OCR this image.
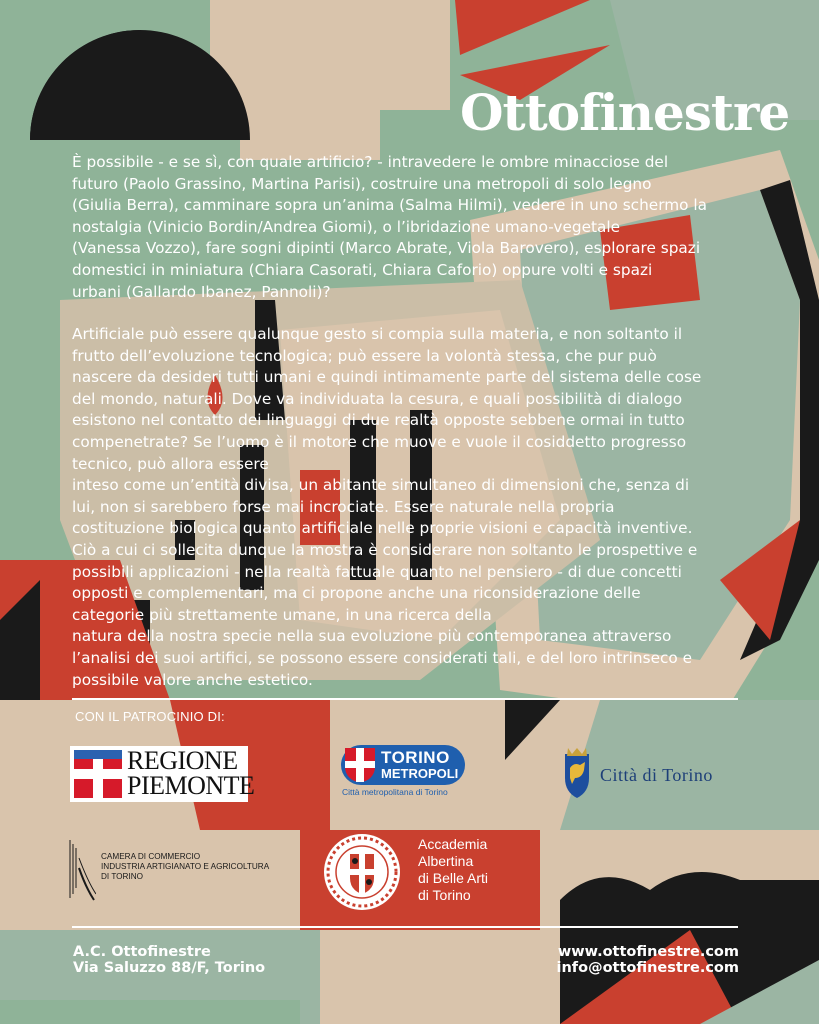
Ottofinestre
È possibile - e se sì, con quale artificio? - intravedere le ombre minacciose del
futuro (Paolo Grassino, Martina Parisi), costruire una metropoli di solo legno
(Giulia Berra), camminare sopra un’anima (Salma Hilmi), vedere in uno schermo la
nostalgia (Vinicio Bordin/Andrea Giomi), o l’ibridazione umano-vegetale
(Vanessa Vozzo), fare sogni dipinti (Marco Abrate, Viola Barovero), esplorare spazi
domestici in miniatura (Chiara Casorati, Chiara Caforio) oppure volti e spazi
urbani (Gallardo Ibanez, Pannoli)?
Artificiale può essere qualunque gesto si compia sulla materia, e non soltanto il
frutto dell’evoluzione tecnologica; può essere la volontà stessa, che pur può
nascere da desideri tutti umani e quindi intimamente parte del sistema delle cose
del mondo, naturali. Dove va individuata la cesura, e quali possibilità di dialogo
esistono nel contatto dei linguaggi di due realtà opposte sebbene ormai in tutto
compenetrate? Se l’uomo è il motore che muove e vuole il cosiddetto progresso
tecnico, può allora essere
inteso come un’entità divisa, un abitante simultaneo di dimensioni che, senza di
lui, non si sarebbero forse mai incrociate. Essere naturale nella propria
costituzione biologica quanto artificiale nelle proprie visioni e capacità inventive.
Ciò a cui ci sollecita dunque la mostra è considerare non soltanto le prospettive e
possibili applicazioni - nella realtà fattuale quanto nel pensiero - di due concetti
opposti e complementari, ma ci propone anche una riconsiderazione delle
categorie più strettamente umane, in una ricerca della
natura della nostra specie nella sua evoluzione più contemporanea attraverso
l’analisi dei suoi artifici, se possono essere considerati tali, e del loro intrinseco e
possibile valore anche estetico.
CON IL PATROCINIO DI:
REGIONE
PIEMONTE
TORINO
METROPOLI
Città metropolitana di Torino
Città di Torino
CAMERA DI COMMERCIO
INDUSTRIA ARTIGIANATO E AGRICOLTURA
DI TORINO
Accademia
Albertina
di Belle Arti
di Torino
A.C. Ottofinestre
Via Saluzzo 88/F, Torino
www.ottofinestre.com
info@ottofinestre.com
